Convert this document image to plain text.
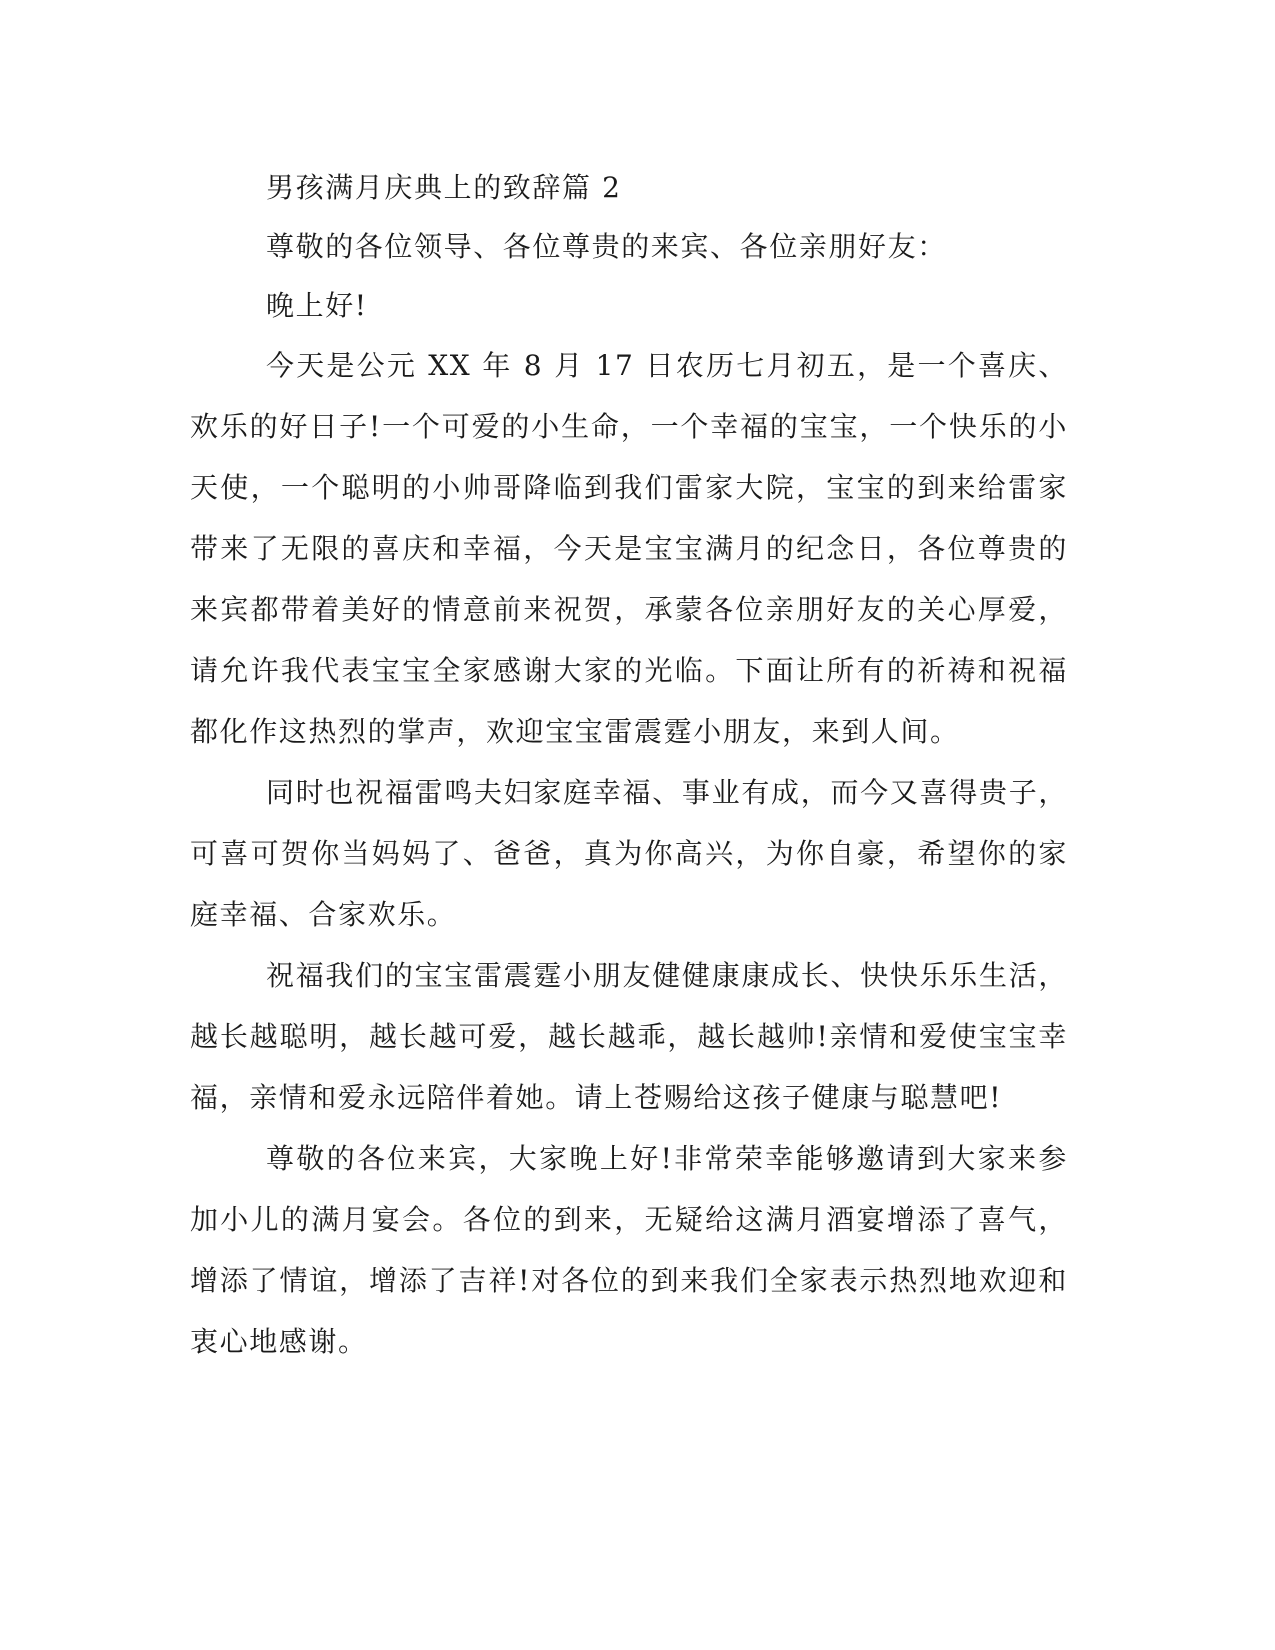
男孩满月庆典上的致辞篇 2

尊敬的各位领导、各位尊贵的来宾、各位亲朋好友：

晚上好!

今天是公元 XX 年 8 月 17 日农历七月初五，是一个喜庆、欢乐的好日子!一个可爱的小生命，一个幸福的宝宝，一个快乐的小天使，一个聪明的小帅哥降临到我们雷家大院，宝宝的到来给雷家带来了无限的喜庆和幸福，今天是宝宝满月的纪念日，各位尊贵的来宾都带着美好的情意前来祝贺，承蒙各位亲朋好友的关心厚爱，请允许我代表宝宝全家感谢大家的光临。下面让所有的祈祷和祝福都化作这热烈的掌声，欢迎宝宝雷震霆小朋友，来到人间。

同时也祝福雷鸣夫妇家庭幸福、事业有成，而今又喜得贵子，可喜可贺你当妈妈了、爸爸，真为你高兴，为你自豪，希望你的家庭幸福、合家欢乐。

祝福我们的宝宝雷震霆小朋友健健康康成长、快快乐乐生活，越长越聪明，越长越可爱，越长越乖，越长越帅!亲情和爱使宝宝幸福，亲情和爱永远陪伴着她。请上苍赐给这孩子健康与聪慧吧!

尊敬的各位来宾，大家晚上好!非常荣幸能够邀请到大家来参加小儿的满月宴会。各位的到来，无疑给这满月酒宴增添了喜气，增添了情谊，增添了吉祥!对各位的到来我们全家表示热烈地欢迎和衷心地感谢。
